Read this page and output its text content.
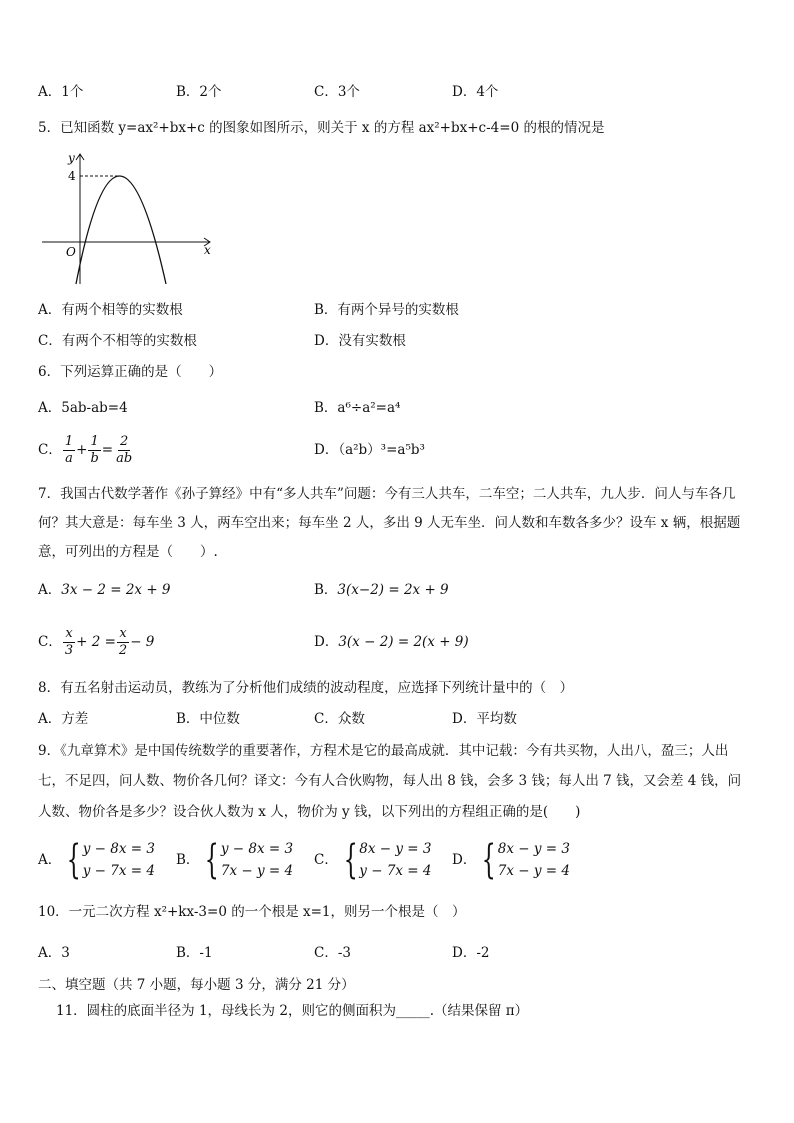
A．1个	B．2个	C．3个	D．4个
5．已知函数 y=ax²+bx+c 的图象如图所示，则关于 x 的方程 ax²+bx+c-4=0 的根的情况是
y
x
O
4
A．有两个相等的实数根	B．有两个异号的实数根
C．有两个不相等的实数根	D．没有实数根
6．下列运算正确的是（　　）
A．5ab-ab=4	B．a⁶÷a²=a⁴
C． $\frac{1}{a} + \frac{1}{b} = \frac{2}{ab}$	D．（a²b）³=a⁵b³
7．我国古代数学著作《孙子算经》中有“多人共车”问题：今有三人共车，二车空；二人共车，九人步．问人与车各几
何？其大意是：每车坐 3 人，两车空出来；每车坐 2 人，多出 9 人无车坐．问人数和车数各多少？设车 x 辆，根据题
意，可列出的方程是（　　）.
A．3x − 2 = 2x + 9	B．3(x−2) = 2x + 9
C． $\frac{x}{3} + 2 = \frac{x}{2} - 9$	D．3(x − 2) = 2(x + 9)
8．有五名射击运动员，教练为了分析他们成绩的波动程度，应选择下列统计量中的（　）
A．方差	B．中位数	C．众数	D．平均数
9．《九章算术》是中国传统数学的重要著作，方程术是它的最高成就．其中记载：今有共买物，人出八，盈三；人出
七，不足四，问人数、物价各几何？译文：今有人合伙购物，每人出 8 钱，会多 3 钱；每人出 7 钱，又会差 4 钱，问
人数、物价各是多少？设合伙人数为 x 人，物价为 y 钱，以下列出的方程组正确的是(　　)
A． { y − 8x = 3
y − 7x = 4
B． { y − 8x = 3
7x − y = 4
C． { 8x − y = 3
y − 7x = 4
D． { 8x − y = 3
7x − y = 4
10．一元二次方程 x²+kx-3=0 的一个根是 x=1，则另一个根是（　）
A．3	B．-1	C．-3	D．-2
二、填空题（共 7 小题，每小题 3 分，满分 21 分）
11．圆柱的底面半径为 1，母线长为 2，则它的侧面积为_____.（结果保留 π）
